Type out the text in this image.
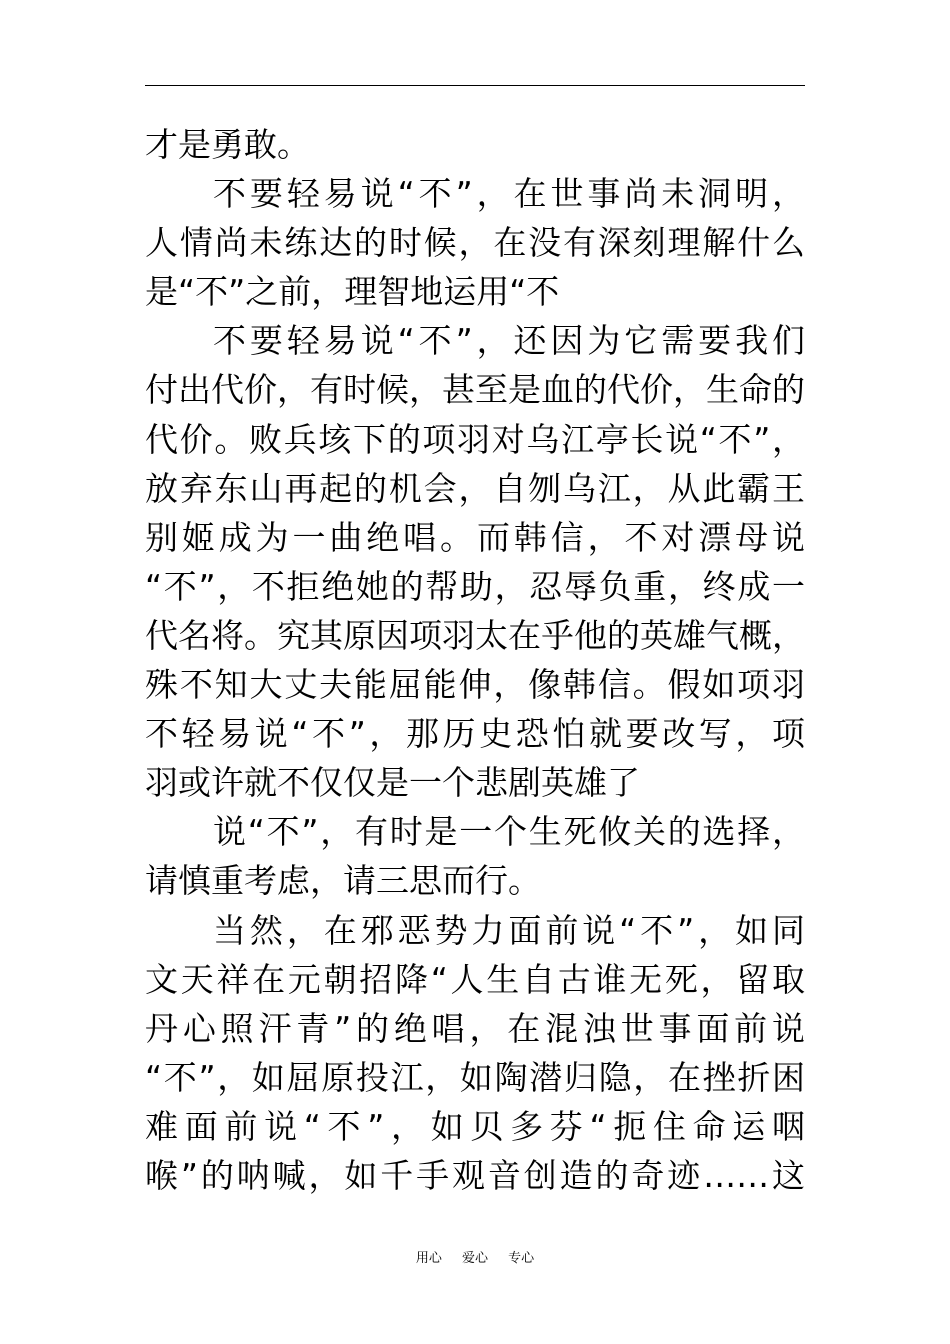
才是勇敢。
不要轻易说“不”，在世事尚未洞明，
人情尚未练达的时候，在没有深刻理解什么
是“不”之前，理智地运用“不
不要轻易说“不”，还因为它需要我们
付出代价，有时候，甚至是血的代价，生命的
代价。败兵垓下的项羽对乌江亭长说“不”，
放弃东山再起的机会，自刎乌江，从此霸王
别姬成为一曲绝唱。而韩信，不对漂母说
“不”，不拒绝她的帮助，忍辱负重，终成一
代名将。究其原因项羽太在乎他的英雄气概，
殊不知大丈夫能屈能伸，像韩信。假如项羽
不轻易说“不”，那历史恐怕就要改写，项
羽或许就不仅仅是一个悲剧英雄了
说“不”，有时是一个生死攸关的选择，
请慎重考虑，请三思而行。
当然，在邪恶势力面前说“不”，如同
文天祥在元朝招降“人生自古谁无死，留取
丹心照汗青”的绝唱，在混浊世事面前说
“不”，如屈原投江，如陶潜归隐，在挫折困
难面前说“不”，如贝多芬“扼住命运咽
喉”的呐喊，如千手观音创造的奇迹……这
用心 爱心 专心
